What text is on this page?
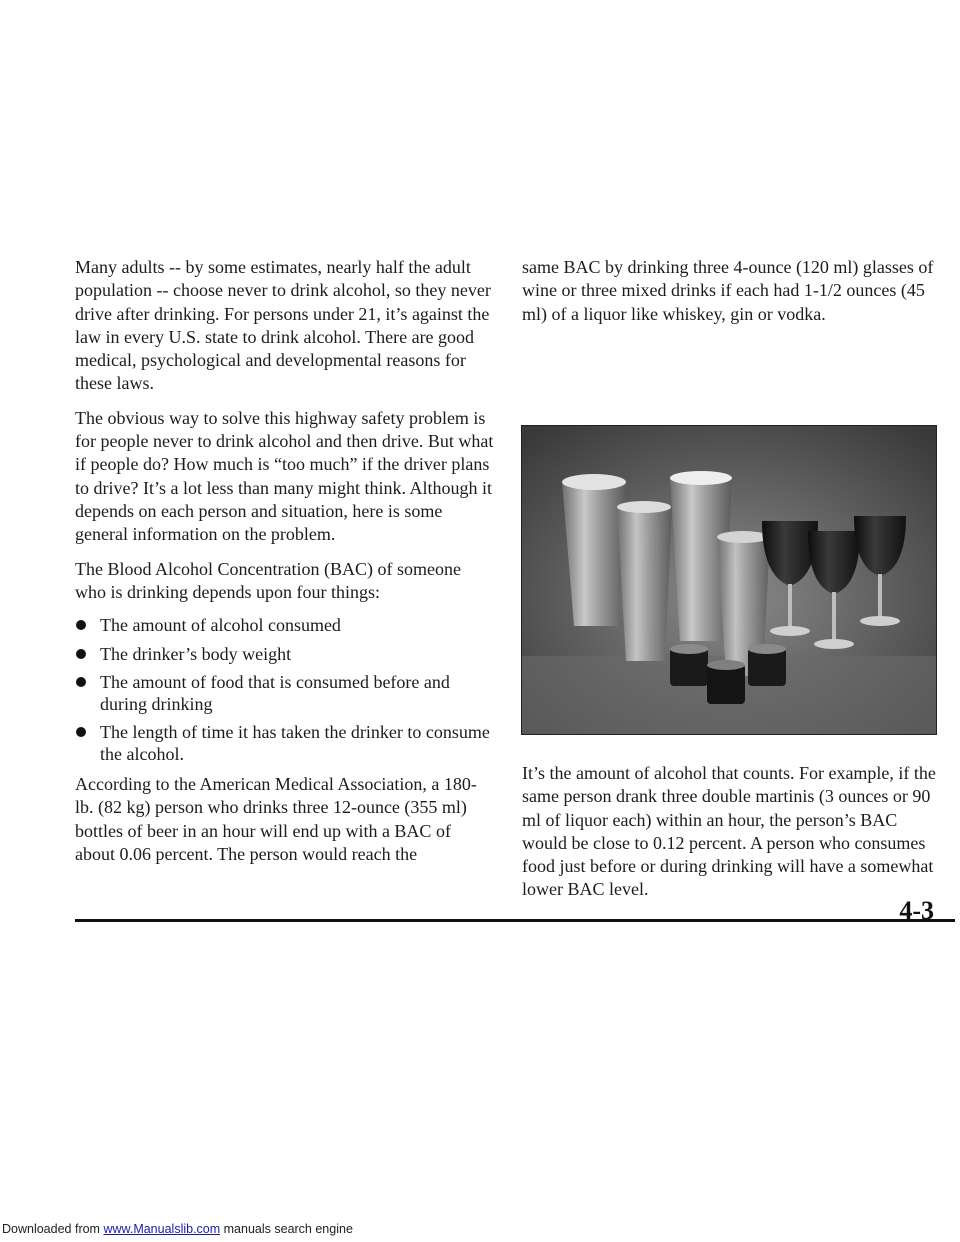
Many adults -- by some estimates, nearly half the adult population -- choose never to drink alcohol, so they never drive after drinking. For persons under 21, it’s against the law in every U.S. state to drink alcohol. There are good medical, psychological and developmental reasons for these laws.

The obvious way to solve this highway safety problem is for people never to drink alcohol and then drive. But what if people do? How much is “too much” if the driver plans to drive? It’s a lot less than many might think. Although it depends on each person and situation, here is some general information on the problem.

The Blood Alcohol Concentration (BAC) of someone who is drinking depends upon four things:

The amount of alcohol consumed
The drinker’s body weight
The amount of food that is consumed before and during drinking
The length of time it has taken the drinker to consume the alcohol.

According to the American Medical Association, a 180-lb. (82 kg) person who drinks three 12-ounce (355 ml) bottles of beer in an hour will end up with a BAC of about 0.06 percent. The person would reach the

same BAC by drinking three 4-ounce (120 ml) glasses of wine or three mixed drinks if each had 1-1/2 ounces (45 ml) of a liquor like whiskey, gin or vodka.

It’s the amount of alcohol that counts. For example, if the same person drank three double martinis (3 ounces or 90 ml of liquor each) within an hour, the person’s BAC would be close to 0.12 percent. A person who consumes food just before or during drinking will have a somewhat lower BAC level.

4-3
Downloaded from www.Manualslib.com manuals search engine
